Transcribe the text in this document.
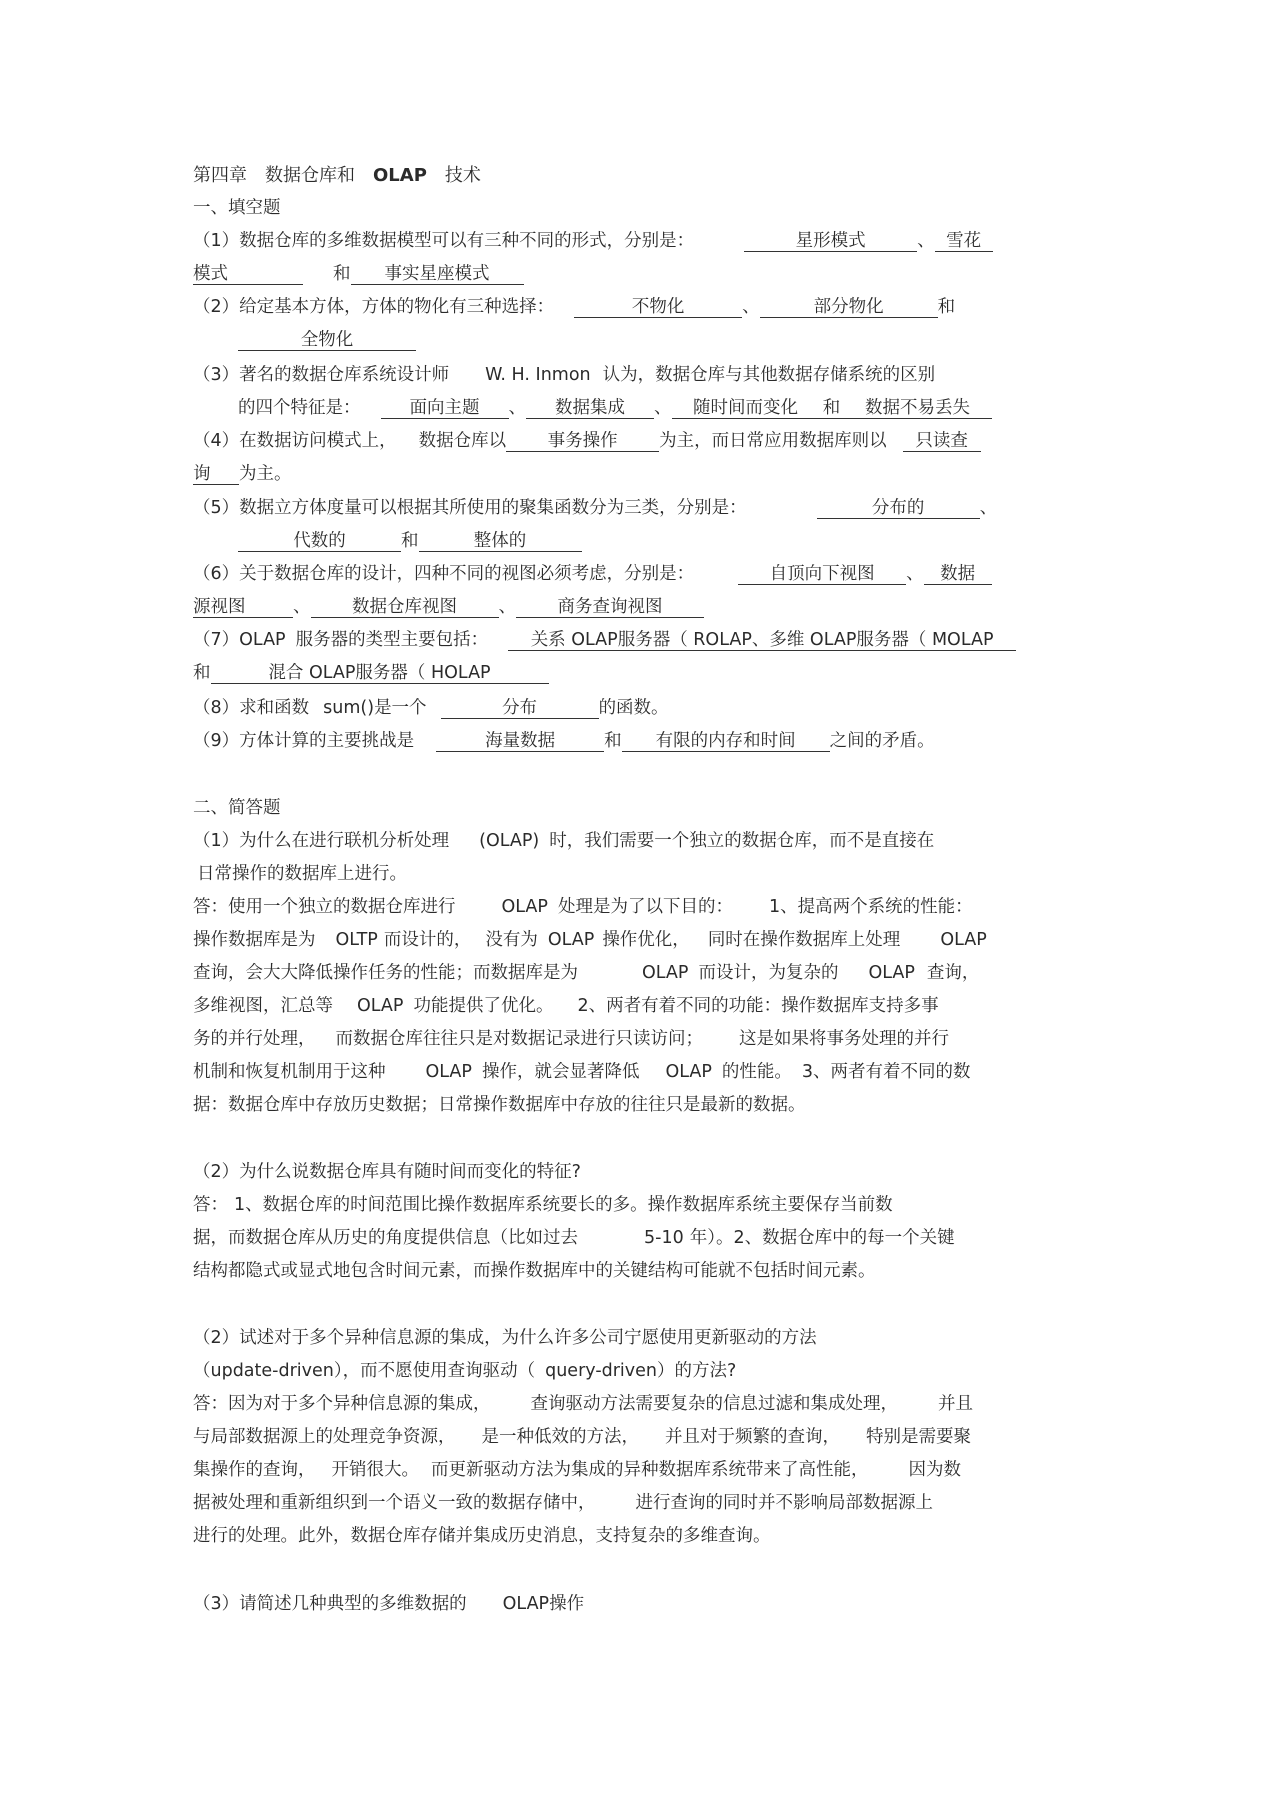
第四章 数据仓库和 OLAP 技术
一、填空题
（1）数据仓库的多维数据模型可以有三种不同的形式，分别是：	星形模式	、 雪花
模式	和 事实星座模式
（2）给定基本方体，方体的物化有三种选择：	不物化	、	部分物化	和
全物化
（3）著名的数据仓库系统设计师 W. H. Inmon 认为，数据仓库与其他数据存储系统的区别
的四个特征是：	面向主题 、 数据集成 、 随时间而变化 和 数据不易丢失
（4）在数据访问模式上， 数据仓库以 事务操作 为主，而日常应用数据库则以 只读查
询 为主。
（5）数据立方体度量可以根据其所使用的聚集函数分为三类，分别是：	分布的	、
代数的	和	整体的
（6）关于数据仓库的设计，四种不同的视图必须考虑，分别是：	自顶向下视图 、 数据
源视图	、 数据仓库视图 、 商务查询视图
（7）OLAP 服务器的类型主要包括： 关系 OLAP服务器（ ROLAP、多维 OLAP服务器（ MOLAP
和	混合 OLAP服务器（ HOLAP
（8）求和函数 sum()是一个	分布	的函数。
（9）方体计算的主要挑战是	海量数据	和 有限的内存和时间 之间的矛盾。
二、简答题
（1）为什么在进行联机分析处理 (OLAP) 时，我们需要一个独立的数据仓库，而不是直接在
日常操作的数据库上进行。
答：使用一个独立的数据仓库进行	OLAP 处理是为了以下目的： 1、提高两个系统的性能：
操作数据库是为 OLTP 而设计的， 没有为 OLAP 操作优化， 同时在操作数据库上处理 OLAP
查询，会大大降低操作任务的性能；而数据库是为	OLAP 而设计，为复杂的 OLAP 查询，
多维视图，汇总等 OLAP 功能提供了优化。 2、两者有着不同的功能：操作数据库支持多事
务的并行处理， 而数据仓库往往只是对数据记录进行只读访问； 这是如果将事务处理的并行
机制和恢复机制用于这种 OLAP 操作，就会显著降低 OLAP 的性能。 3、两者有着不同的数
据：数据仓库中存放历史数据；日常操作数据库中存放的往往只是最新的数据。
（2）为什么说数据仓库具有随时间而变化的特征?
答： 1、数据仓库的时间范围比操作数据库系统要长的多。操作数据库系统主要保存当前数
据，而数据仓库从历史的角度提供信息（比如过去	5-10 年）。2、数据仓库中的每一个关键
结构都隐式或显式地包含时间元素，而操作数据库中的关键结构可能就不包括时间元素。
（2）试述对于多个异种信息源的集成，为什么许多公司宁愿使用更新驱动的方法
（update-driven），而不愿使用查询驱动（ query-driven）的方法?
答：因为对于多个异种信息源的集成， 查询驱动方法需要复杂的信息过滤和集成处理， 并且
与局部数据源上的处理竞争资源， 是一种低效的方法， 并且对于频繁的查询， 特别是需要聚
集操作的查询， 开销很大。 而更新驱动方法为集成的异种数据库系统带来了高性能， 因为数
据被处理和重新组织到一个语义一致的数据存储中， 进行查询的同时并不影响局部数据源上
进行的处理。此外，数据仓库存储并集成历史消息，支持复杂的多维查询。
（3）请简述几种典型的多维数据的 OLAP操作
